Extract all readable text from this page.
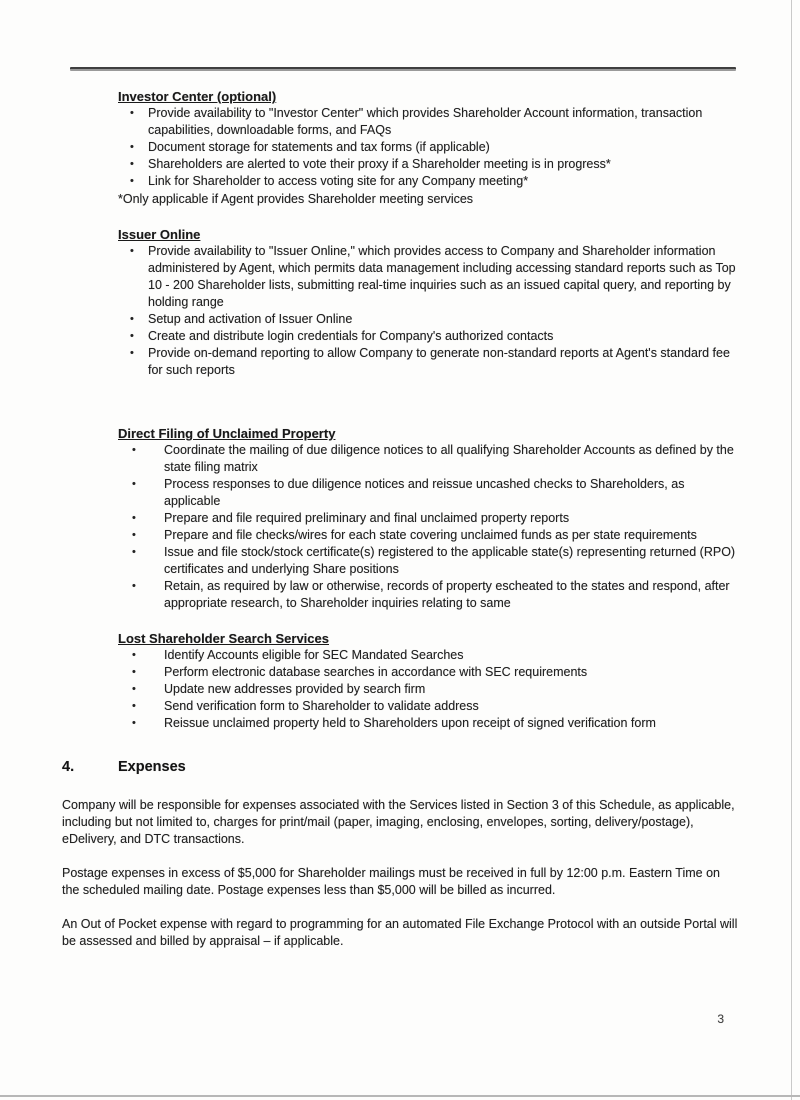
Investor Center (optional)
• Provide availability to "Investor Center" which provides Shareholder Account information, transaction capabilities, downloadable forms, and FAQs
• Document storage for statements and tax forms (if applicable)
• Shareholders are alerted to vote their proxy if a Shareholder meeting is in progress*
• Link for Shareholder to access voting site for any Company meeting*
*Only applicable if Agent provides Shareholder meeting services
Issuer Online
• Provide availability to "Issuer Online," which provides access to Company and Shareholder information administered by Agent, which permits data management including accessing standard reports such as Top 10 - 200 Shareholder lists, submitting real-time inquiries such as an issued capital query, and reporting by holding range
• Setup and activation of Issuer Online
• Create and distribute login credentials for Company's authorized contacts
• Provide on-demand reporting to allow Company to generate non-standard reports at Agent's standard fee for such reports
Direct Filing of Unclaimed Property
• Coordinate the mailing of due diligence notices to all qualifying Shareholder Accounts as defined by the state filing matrix
• Process responses to due diligence notices and reissue uncashed checks to Shareholders, as applicable
• Prepare and file required preliminary and final unclaimed property reports
• Prepare and file checks/wires for each state covering unclaimed funds as per state requirements
• Issue and file stock/stock certificate(s) registered to the applicable state(s) representing returned (RPO) certificates and underlying Share positions
• Retain, as required by law or otherwise, records of property escheated to the states and respond, after appropriate research, to Shareholder inquiries relating to same
Lost Shareholder Search Services
• Identify Accounts eligible for SEC Mandated Searches
• Perform electronic database searches in accordance with SEC requirements
• Update new addresses provided by search firm
• Send verification form to Shareholder to validate address
• Reissue unclaimed property held to Shareholders upon receipt of signed verification form
4.	Expenses

Company will be responsible for expenses associated with the Services listed in Section 3 of this Schedule, as applicable, including but not limited to, charges for print/mail (paper, imaging, enclosing, envelopes, sorting, delivery/postage), eDelivery, and DTC transactions.

Postage expenses in excess of $5,000 for Shareholder mailings must be received in full by 12:00 p.m. Eastern Time on the scheduled mailing date. Postage expenses less than $5,000 will be billed as incurred.

An Out of Pocket expense with regard to programming for an automated File Exchange Protocol with an outside Portal will be assessed and billed by appraisal – if applicable.

3
